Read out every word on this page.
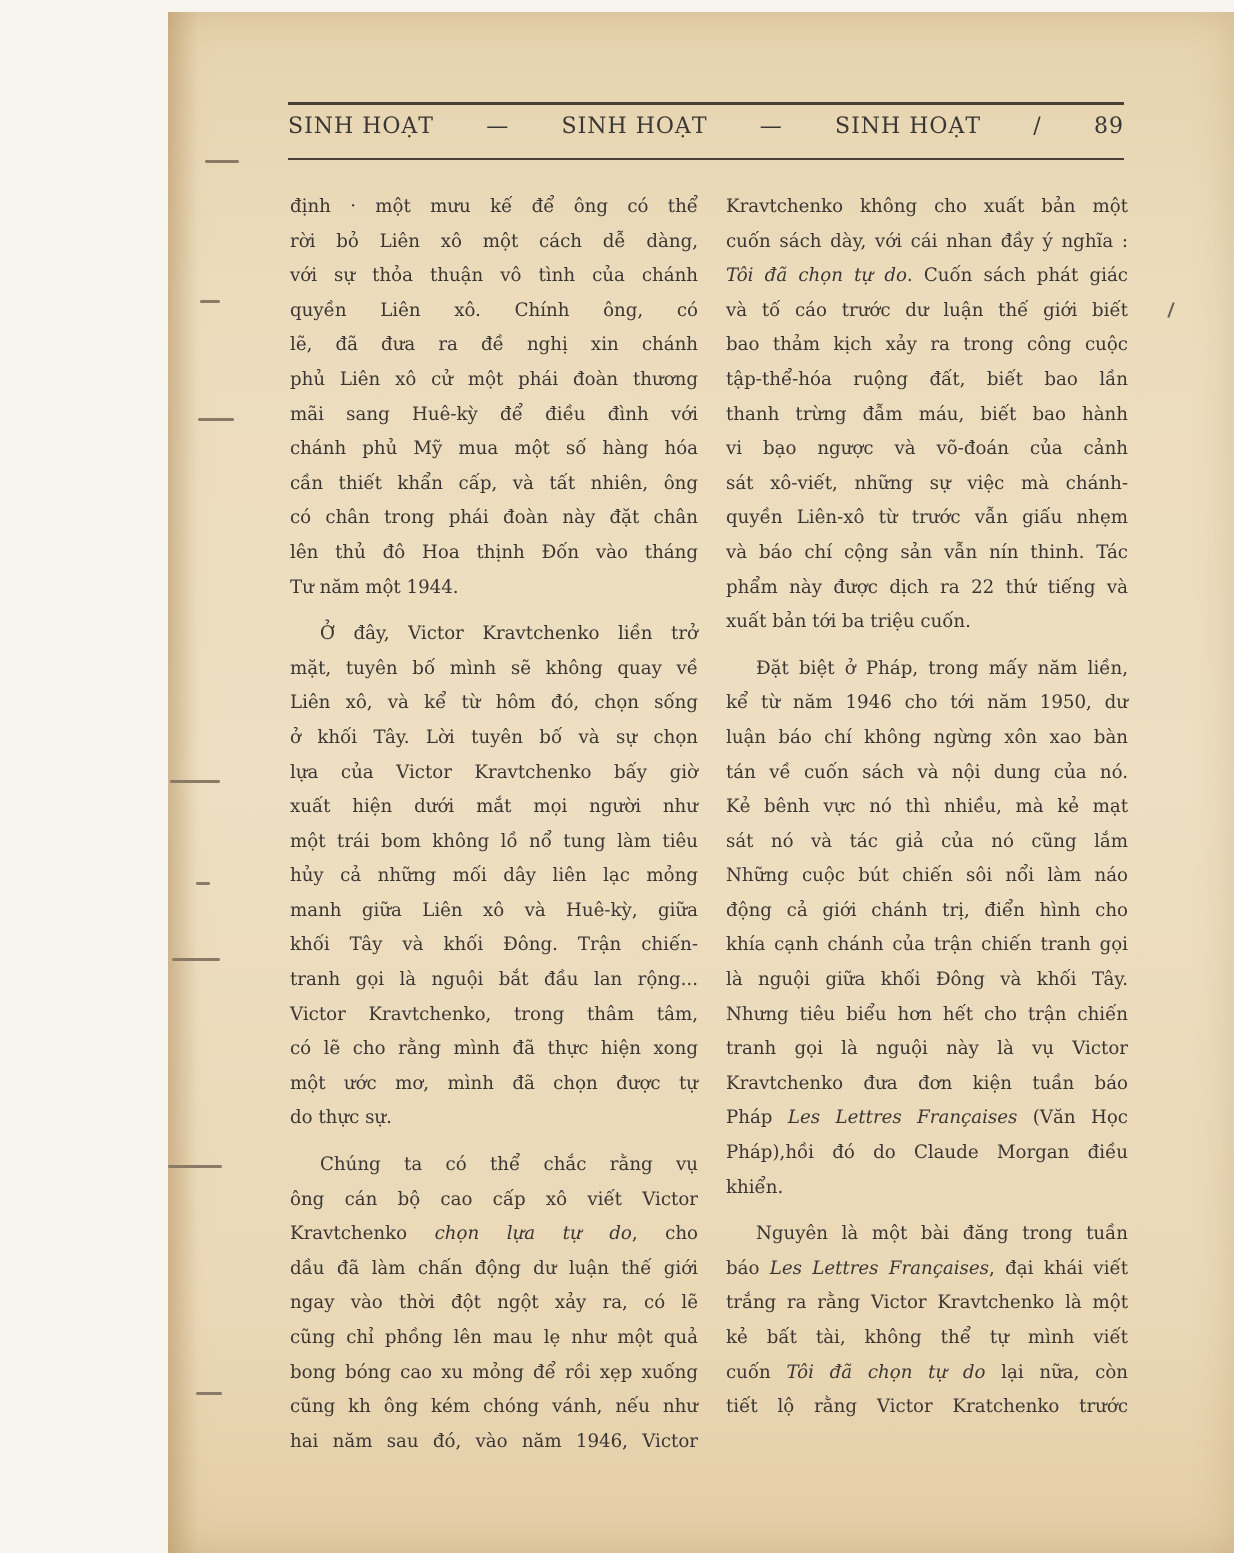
SINH HOẠT — SINH HOẠT — SINH HOẠT / 89

định · một mưu kế để ông có thể
rời bỏ Liên xô một cách dễ dàng,
với sự thỏa thuận vô tình của chánh
quyền Liên xô. Chính ông, có
lẽ, đã đưa ra đề nghị xin chánh
phủ Liên xô cử một phái đoàn thương
mãi sang Huê-kỳ để điều đình với
chánh phủ Mỹ mua một số hàng hóa
cần thiết khẩn cấp, và tất nhiên, ông
có chân trong phái đoàn này đặt chân
lên thủ đô Hoa thịnh Đốn vào tháng
Tư năm một 1944.

Ở đây, Victor Kravtchenko liền trở
mặt, tuyên bố mình sẽ không quay về
Liên xô, và kể từ hôm đó, chọn sống
ở khối Tây. Lời tuyên bố và sự chọn
lựa của Victor Kravtchenko bấy giờ
xuất hiện dưới mắt mọi người như
một trái bom không lồ nổ tung làm tiêu
hủy cả những mối dây liên lạc mỏng
manh giữa Liên xô và Huê-kỳ, giữa
khối Tây và khối Đông. Trận chiến-
tranh gọi là nguội bắt đầu lan rộng...
Victor Kravtchenko, trong thâm tâm,
có lẽ cho rằng mình đã thực hiện xong
một ước mơ, mình đã chọn được tự
do thực sự.

Chúng ta có thể chắc rằng vụ
ông cán bộ cao cấp xô viết Victor
Kravtchenko chọn lựa tự do, cho
dầu đã làm chấn động dư luận thế giới
ngay vào thời đột ngột xảy ra, có lẽ
cũng chỉ phồng lên mau lẹ như một quả
bong bóng cao xu mỏng để rồi xẹp xuống
cũng kh ông kém chóng vánh, nếu như
hai năm sau đó, vào năm 1946, Victor

Kravtchenko không cho xuất bản một
cuốn sách dày, với cái nhan đầy ý nghĩa :
Tôi đã chọn tự do. Cuốn sách phát giác
và tố cáo trước dư luận thế giới biết
bao thảm kịch xảy ra trong công cuộc
tập-thể-hóa ruộng đất, biết bao lần
thanh trừng đẫm máu, biết bao hành
vi bạo ngược và võ-đoán của cảnh
sát xô-viết, những sự việc mà chánh-
quyền Liên-xô từ trước vẫn giấu nhẹm
và báo chí cộng sản vẫn nín thinh. Tác
phẩm này được dịch ra 22 thứ tiếng và
xuất bản tới ba triệu cuốn.

Đặt biệt ở Pháp, trong mấy năm liền,
kể từ năm 1946 cho tới năm 1950, dư
luận báo chí không ngừng xôn xao bàn
tán về cuốn sách và nội dung của nó.
Kẻ bênh vực nó thì nhiều, mà kẻ mạt
sát nó và tác giả của nó cũng lắm
Những cuộc bút chiến sôi nổi làm náo
động cả giới chánh trị, điển hình cho
khía cạnh chánh của trận chiến tranh gọi
là nguội giữa khối Đông và khối Tây.
Nhưng tiêu biểu hơn hết cho trận chiến
tranh gọi là nguội này là vụ Victor
Kravtchenko đưa đơn kiện tuần báo
Pháp Les Lettres Françaises (Văn Học
Pháp),hồi đó do Claude Morgan điều
khiển.

Nguyên là một bài đăng trong tuần
báo Les Lettres Françaises, đại khái viết
trắng ra rằng Victor Kravtchenko là một
kẻ bất tài, không thể tự mình viết
cuốn Tôi đã chọn tự do lại nữa, còn
tiết lộ rằng Victor Kratchenko trước
